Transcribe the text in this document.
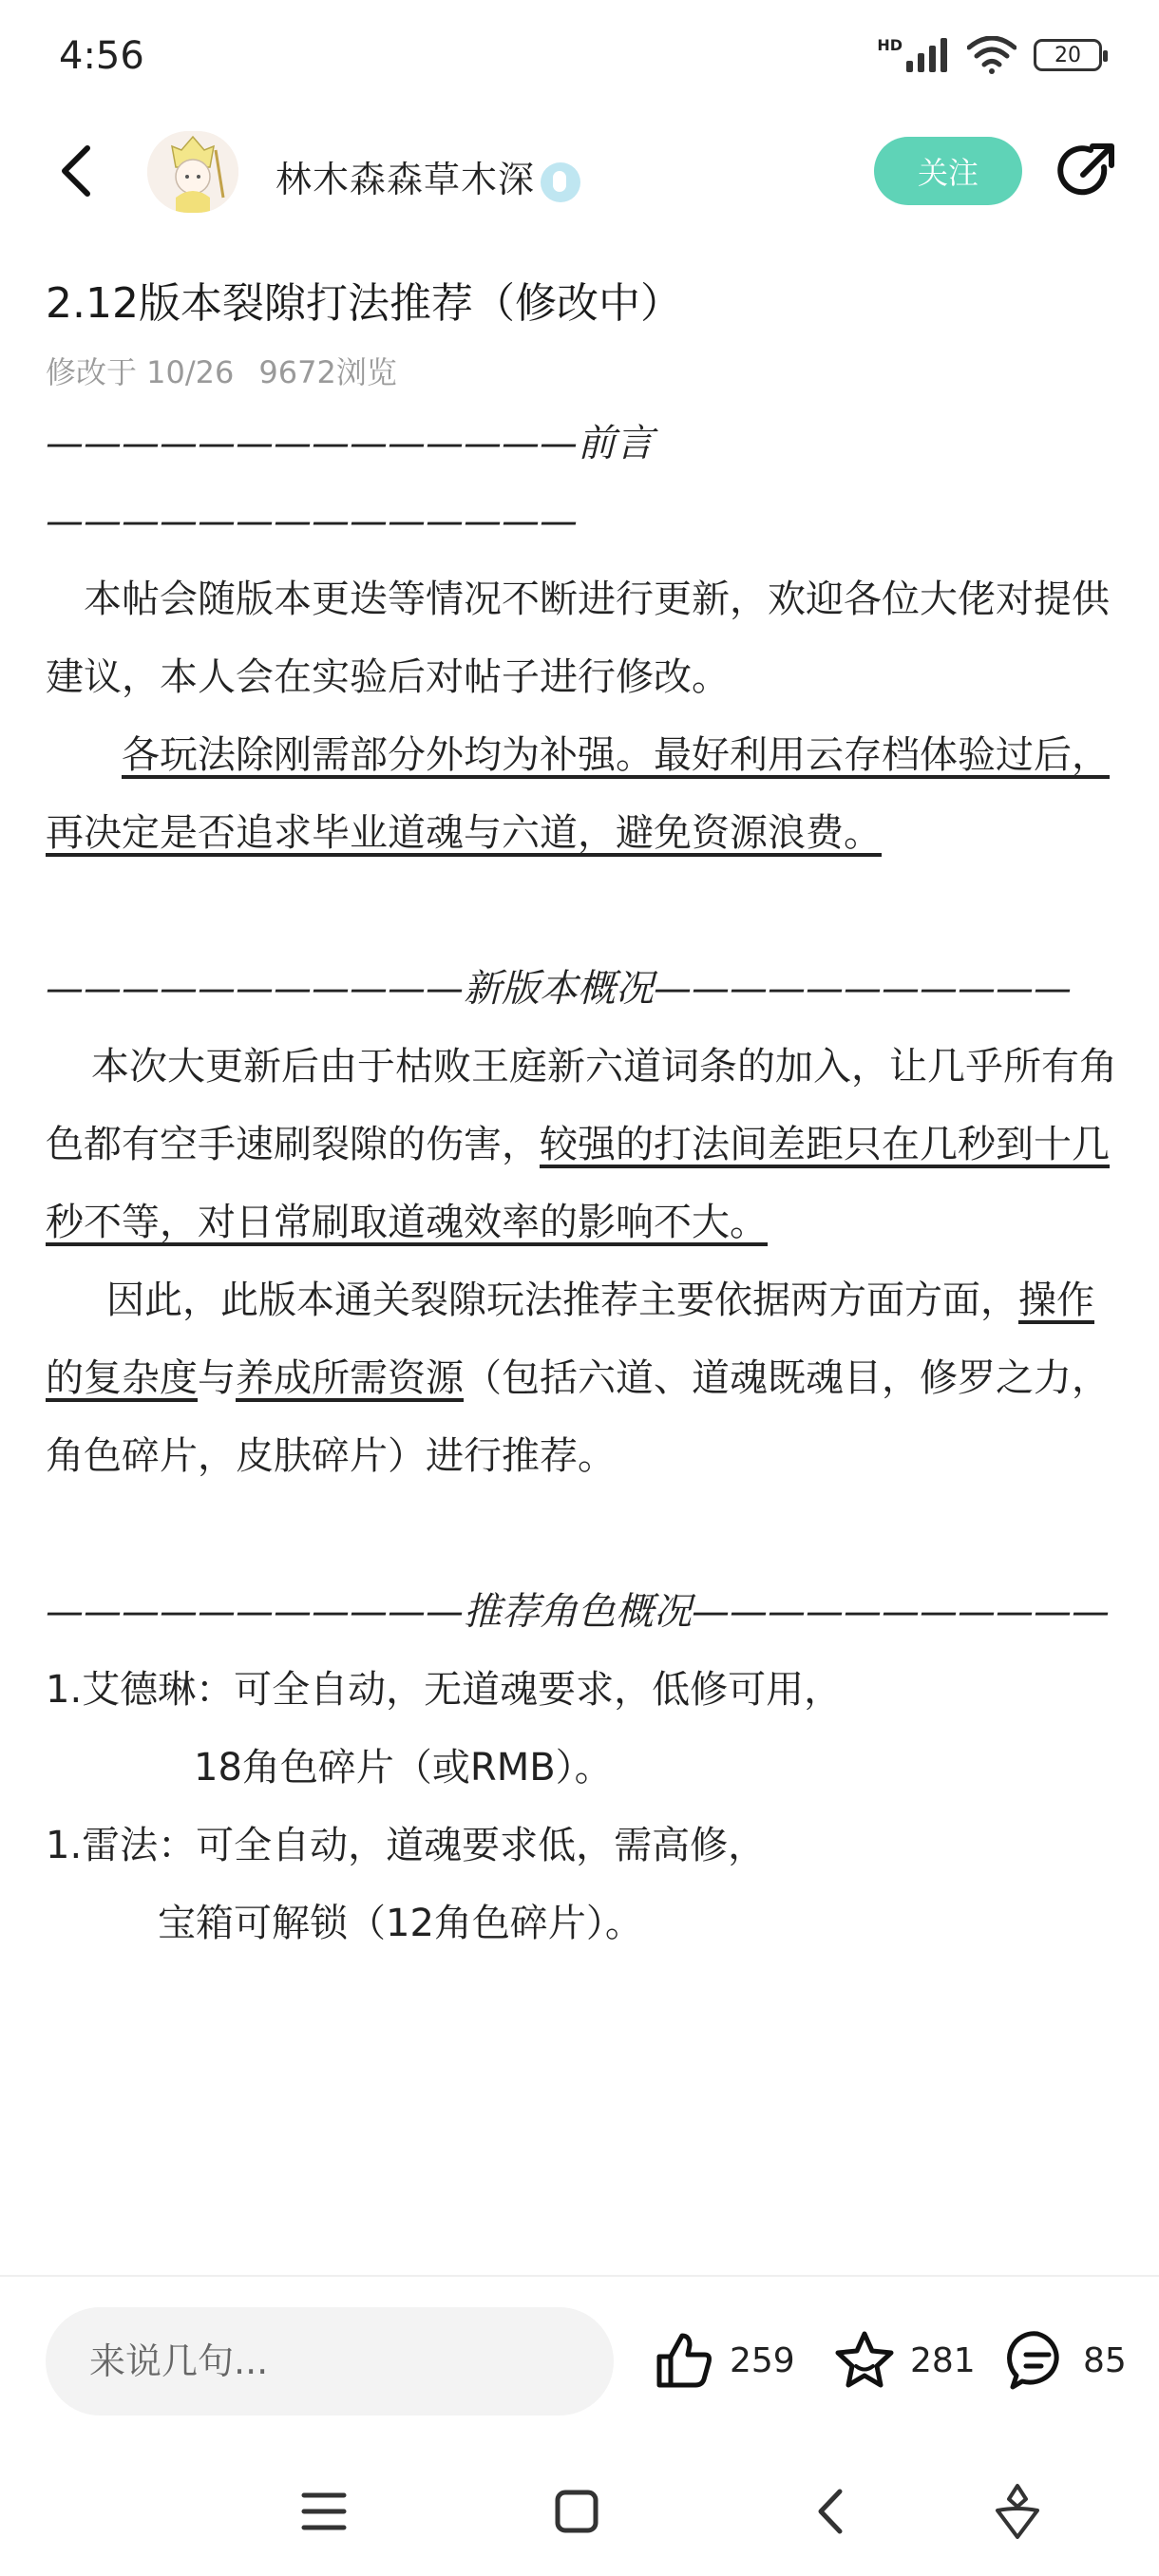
4:56	HD	20
林木森森草木深	关注
2.12版本裂隙打法推荐（修改中）
修改于 10/26 9672浏览

——————————————前言——————————————

本帖会随版本更迭等情况不断进行更新，欢迎各位大佬对提供建议，本人会在实验后对帖子进行修改。

各玩法除刚需部分外均为补强。最好利用云存档体验过后，再决定是否追求毕业道魂与六道，避免资源浪费。

———————————新版本概况———————————

本次大更新后由于枯败王庭新六道词条的加入，让几乎所有角色都有空手速刷裂隙的伤害，较强的打法间差距只在几秒到十几秒不等，对日常刷取道魂效率的影响不大。

因此，此版本通关裂隙玩法推荐主要依据两方面方面，操作的复杂度与养成所需资源（包括六道、道魂既魂目，修罗之力，角色碎片，皮肤碎片）进行推荐。

———————————推荐角色概况———————————

1.艾德琳：可全自动，无道魂要求，低修可用，

18角色碎片（或RMB）。

1.雷法：可全自动，道魂要求低，需高修，

宝箱可解锁（12角色碎片）。

来说几句...
259	281	85
